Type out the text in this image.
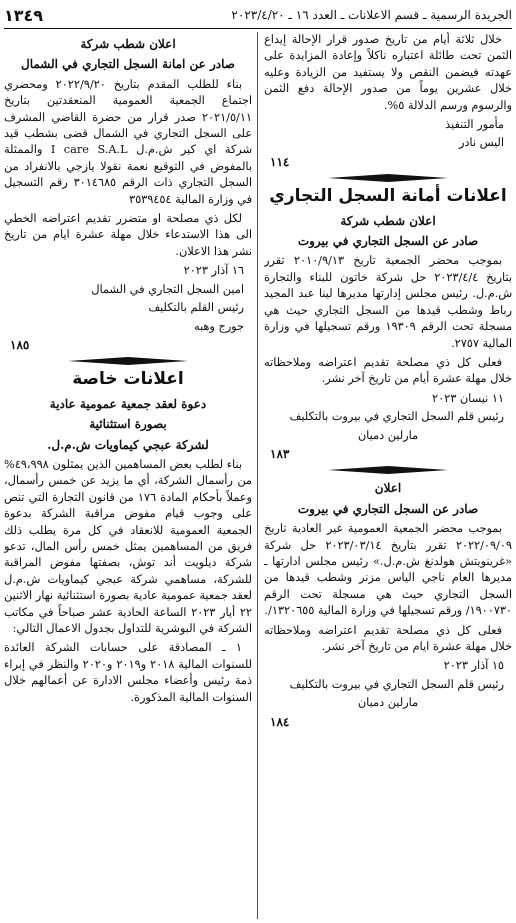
الجريدة الرسمية ـ قسم الاعلانات ـ العدد ١٦ ـ ٢٠٢٣/٤/٢٠
١٣٤٩

خلال ثلاثة أيام من تاريخ صدور قرار الإحالة إيداع الثمن تحت طائلة اعتباره ناكلاً وإعادة المزايدة على عهدته فيضمن النقص ولا يستفيد من الزيادة وعليه خلال عشرين يوماً من صدور الإحالة دفع الثمن والرسوم ورسم الدلالة ٥%.

مأمور التنفيذ

اليس نادر

١١٤

اعلانات أمانة السجل التجاري

اعلان شطب شركة

صادر عن السجل التجاري في بيروت

بموجب محضر الجمعية تاريخ ٢٠١٠/٩/١٣ تقرر بتاريخ ٢٠٢٣/٤/٤ حل شركة خاتون للبناء والتجارة ش.م.ل. رئيس مجلس إدارتها مديرها لينا عبد المجيد رباط وشطب قيدها من السجل التجاري حيث هي مسجلة تحت الرقم ١٩٣٠٩ ورقم تسجيلها في وزارة المالية ٢٧٥٧.

فعلى كل ذي مصلحة تقديم اعتراضه وملاحظاته خلال مهلة عشرة أيام من تاريخ آخر نشر.

١١ نيسان ٢٠٢٣

رئيس قلم السجل التجاري في بيروت بالتكليف

مارلين دميان

١٨٣

اعلان

صادر عن السجل التجاري في بيروت

بموجب محضر الجمعية العمومية غير العادية تاريخ ٢٠٢٢/٠٩/٠٩ تقرر بتاريخ ٢٠٢٣/٠٣/١٤ حل شركة «غرينويتش هولدنغ ش.م.ل.» رئيس مجلس ادارتها ـ مديرها العام ناجي الياس مزنر وشطب قيدها من السجل التجاري حيث هي مسجلة تحت الرقم ١٩٠٠٧٣٠/ ورقم تسجيلها في وزارة المالية ١٣٢٠٦٥٥/.

فعلى كل ذي مصلحة تقديم اعتراضه وملاحظاته خلال مهلة عشرة ايام من تاريخ آخر نشر.

١٥ آذار ٢٠٢٣

رئيس قلم السجل التجاري في بيروت بالتكليف

مارلين دميان

١٨٤

اعلان شطب شركة

صادر عن امانة السجل التجاري في الشمال

بناء للطلب المقدم بتاريخ ٢٠٢٢/٩/٢٠ ومحضري اجتماع الجمعية العمومية المنعقدتين بتاريخ ٢٠٢١/٥/١١ صدر قرار من حضرة القاضي المشرف على السجل التجاري في الشمال قضى بشطب قيد شركة اي كير ش.م.ل I care S.A.L والممثلة بالمفوض في التوقيع نعمة نقولا يازجي بالانفراد من السجل التجاري ذات الرقم ٣٠١٤٦٨٥ رقم التسجيل في وزارة المالية ٣٥٣٩٤٥٤

لكل ذي مصلحة او متضرر تقديم اعتراضه الخطي الى هذا الاستدعاء خلال مهلة عشرة ايام من تاريخ نشر هذا الاعلان.

١٦ آذار ٢٠٢٣

امين السجل التجاري في الشمال

رئيس القلم بالتكليف

جورج وهبه

١٨٥

اعلانات خاصة

دعوة لعقد جمعية عمومية عادية

بصورة استثنائية

لشركة عبجي كيماويات ش.م.ل.

بناء لطلب بعض المساهمين الذين يمثلون ٤٩،٩٩٨% من رأسمال الشركة، أي ما يزيد عن خمس رأسمال، وعملاً بأحكام المادة ١٧٦ من قانون التجارة التي تنص على وجوب قيام مفوض مراقبة الشركة بدعوة الجمعية العمومية للانعقاد في كل مرة يطلب ذلك فريق من المساهمين يمثل خمس رأس المال، تدعو شركة ديلويت أند توش، بصفتها مفوض المراقبة للشركة، مساهمي شركة عبجي كيماويات ش.م.ل لعقد جمعية عمومية عادية بصورة استثنائية نهار الاثنين ٢٢ أيار ٢٠٢٣ الساعة الحادية عشر صباحاً في مكاتب الشركة في البوشرية للتداول بجدول الاعمال التالي:

١ ـ المصادقة على حسابات الشركة العائدة للسنوات المالية ٢٠١٨ و٢٠١٩ و٢٠٢٠ والنظر في إبراء ذمة رئيس وأعضاء مجلس الادارة عن أعمالهم خلال السنوات المالية المذكورة.
